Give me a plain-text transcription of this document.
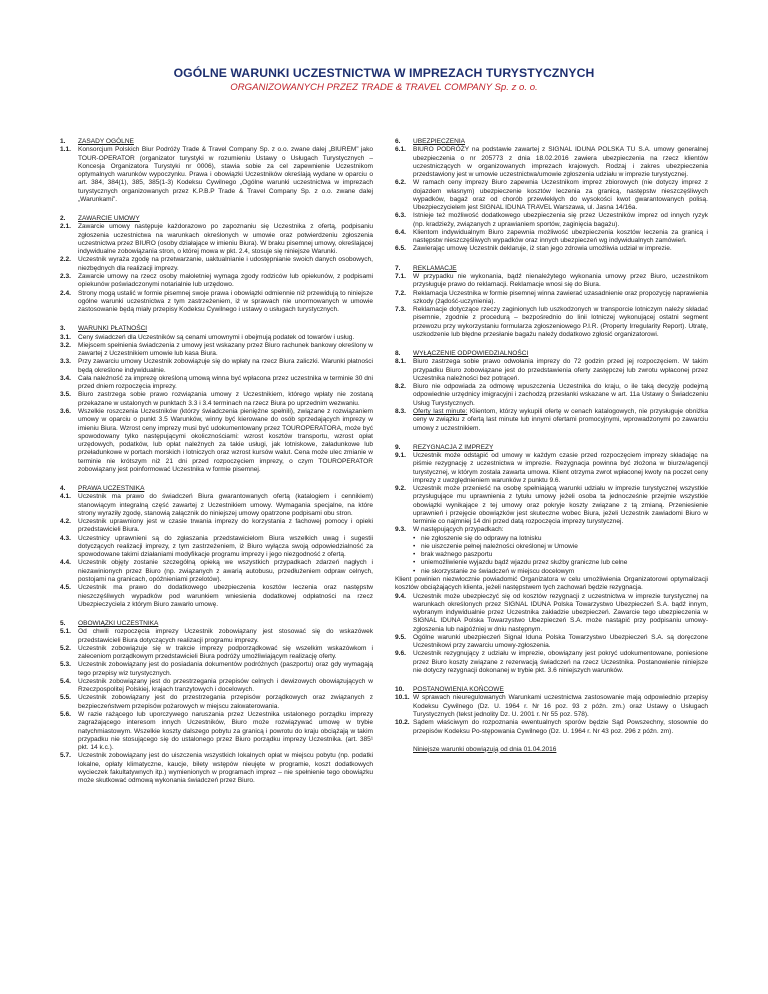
OGÓLNE WARUNKI UCZESTNICTWA W IMPREZACH TURYSTYCZNYCH
ORGANIZOWANYCH PRZEZ TRADE & TRAVEL COMPANY Sp. z o. o.
1.	ZASADY OGÓLNE
1.1.	Konsorcjum Polskich Biur Podróży Trade & Travel Company Sp. z o.o. zwane dalej „BIUREM” jako TOUR-OPERATOR (organizator turystyki w rozumieniu Ustawy o Usługach Turystycznych – Koncesja Organizatora Turystyki nr 0006), stawia sobie za cel zapewnienie Uczestnikom optymalnych warunków wypoczynku. Prawa i obowiązki Uczestników określają wydane w oparciu o art. 384, 384(1), 385, 385(1-3) Kodeksu Cywilnego „Ogólne warunki uczestnictwa w imprezach turystycznych organizowanych przez K.P.B.P Trade & Travel Company Sp. z o.o. zwane dalej „Warunkami”.
2.	ZAWARCIE UMOWY
2.1.	Zawarcie umowy następuje każdorazowo po zapoznaniu się Uczestnika z ofertą, podpisaniu zgłoszenia uczestnictwa na warunkach określonych w umowie oraz potwierdzeniu zgłoszenia uczestnictwa przez BIURO (osoby działające w imieniu Biura). W braku pisemnej umowy, określającej indywidualne zobowiązania stron, o której mowa w pkt. 2.4, stosuje się niniejsze Warunki.
2.2.	Uczestnik wyraża zgodę na przetwarzanie, uaktualnianie i udostępnianie swoich danych osobowych, niezbędnych dla realizacji imprezy.
2.3.	Zawarcie umowy na rzecz osoby małoletniej wymaga zgody rodziców lub opiekunów, z podpisami opiekunów poświadczonymi notarialnie lub urzędowo.
2.4.	Strony mogą ustalić w formie pisemnej swoje prawa i obowiązki odmiennie niż przewidują to niniejsze ogólne warunki uczestnictwa z tym zastrzeżeniem, iż w sprawach nie unormowanych w umowie zastosowanie będą miały przepisy Kodeksu Cywilnego i ustawy o usługach turystycznych.
3.	WARUNKI PŁATNOŚCI
3.1.	Ceny świadczeń dla Uczestników są cenami umownymi i obejmują podatek od towarów i usług.
3.2.	Miejscem spełnienia świadczenia z umowy jest wskazany przez Biuro rachunek bankowy określony w zawartej z Uczestnikiem umowie lub kasa Biura.
3.3.	Przy zawarciu umowy Uczestnik zobowiązuje się do wpłaty na rzecz Biura zaliczki. Warunki płatności będą określone indywidualnie.
3.4.	Cała należność za imprezę określoną umową winna być wpłacona przez uczestnika w terminie 30 dni przed dniem rozpoczęcia imprezy.
3.5.	Biuro zastrzega sobie prawo rozwiązania umowy z Uczestnikiem, którego wpłaty nie zostaną przekazane w ustalonych w punktach 3.3 i 3.4 terminach na rzecz Biura po uprzednim wezwaniu.
3.6.	Wszelkie roszczenia Uczestników (którzy świadczenia pieniężne spełnili), związane z rozwiązaniem umowy w oparciu o punkt 3.5 Warunków, winny być kierowane do osób sprzedających imprezy w imieniu Biura. Wzrost ceny imprezy musi być udokumentowany przez TOUROPERATORA, może być spowodowany tylko następującymi okolicznościami: wzrost kosztów transportu, wzrost opłat urzędowych, podatków, lub opłat należnych za takie usługi, jak lotniskowe, załadunkowe lub przeładunkowe w portach morskich i lotniczych oraz wzrost kursów walut. Cena może ulec zmianie w terminie nie krótszym niż 21 dni przed rozpoczęciem imprezy, o czym TOUROPERATOR zobowiązany jest poinformować Uczestnika w formie pisemnej.
4.	PRAWA UCZESTNIKA
4.1.	Uczestnik ma prawo do świadczeń Biura gwarantowanych ofertą (katalogiem i cennikiem) stanowiącym integralną część zawartej z Uczestnikiem umowy. Wymagania specjalne, na które strony wyraziły zgodę, stanowią załącznik do niniejszej umowy opatrzone podpisami obu stron.
4.2.	Uczestnik uprawniony jest w czasie trwania imprezy do korzystania z fachowej pomocy i opieki przedstawicieli Biura.
4.3.	Uczestnicy uprawnieni są do zgłaszania przedstawicielom Biura wszelkich uwag i sugestii dotyczących realizacji imprezy, z tym zastrzeżeniem, iż Biuro wyłącza swoją odpowiedzialność za spowodowane takimi działaniami modyfikacje programu imprezy i jego niezgodność z ofertą.
4.4.	Uczestnik objęty zostanie szczególną opieką we wszystkich przypadkach zdarzeń nagłych i niezawinionych przez Biuro (np. związanych z awarią autobusu, przedłużeniem odpraw celnych, postojami na granicach, opóźnieniami przelotów).
4.5.	Uczestnik ma prawo do dodatkowego ubezpieczenia kosztów leczenia oraz następstw nieszczęśliwych wypadków pod warunkiem wniesienia dodatkowej odpłatności na rzecz Ubezpieczyciela z którym Biuro zawarło umowę.
5.	OBOWIĄZKI UCZESTNIKA
5.1.	Od chwili rozpoczęcia imprezy Uczestnik zobowiązany jest stosować się do wskazówek przedstawicieli Biura dotyczących realizacji programu imprezy.
5.2.	Uczestnik zobowiązuje się w trakcie imprezy podporządkować się wszelkim wskazówkom i zaleceniom porządkowym przedstawicieli Biura podróży umożliwiającym realizację oferty.
5.3.	Uczestnik zobowiązany jest do posiadania dokumentów podróżnych (paszportu) oraz gdy wymagają tego przepisy wiz turystycznych.
5.4.	Uczestnik zobowiązany jest do przestrzegania przepisów celnych i dewizowych obowiązujących w Rzeczpospolitej Polskiej, krajach tranzytowych i docelowych.
5.5.	Uczestnik zobowiązany jest do przestrzegania przepisów porządkowych oraz związanych z bezpieczeństwem przepisów pożarowych w miejscu zakwaterowania.
5.6.	W razie rażącego lub uporczywego naruszania przez Uczestnika ustalonego porządku imprezy zagrażającego interesom innych Uczestników, Biuro może rozwiązywać umowę w trybie natychmiastowym. Wszelkie koszty dalszego pobytu za granicą i powrotu do kraju obciążają w takim przypadku nie stosującego się do ustalonego przez Biuro porządku imprezy Uczestnika. (art. 385¹ pkt. 14 k.c.).
5.7.	Uczestnik zobowiązany jest do uiszczenia wszystkich lokalnych opłat w miejscu pobytu (np. podatki lokalne, opłaty klimatyczne, kaucje, bilety wstępów nieujęte w programie, koszt dodatkowych wycieczek fakultatywnych itp.) wymienionych w programach imprez – nie spełnienie tego obowiązku może skutkować odmową wykonania świadczeń przez Biuro.
6.	UBEZPIECZENIA
6.1.	BIURO PODRÓŻY na podstawie zawartej z SIGNAL IDUNA POLSKA TU S.A. umowy generalnej ubezpieczenia o nr 205773 z dnia 18.02.2016 zawiera ubezpieczenia na rzecz klientów uczestniczących w organizowanych imprezach krajowych. Rodzaj i zakres ubezpieczenia przedstawiony jest w umowie uczestnictwa/umowie zgłoszenia udziału w imprezie turystycznej.
6.2.	W ramach ceny imprezy Biuro zapewnia Uczestnikom imprez zbiorowych (nie dotyczy imprez z dojazdem własnym) ubezpieczenie kosztów leczenia za granicą, następstw nieszczęśliwych wypadków, bagaż oraz od chorób przewlekłych do wysokości kwot gwarantowanych polisą. Ubezpieczycielem jest SIGNAL IDUNA TRAVEL Warszawa, ul. Jasna 14/16a.
6.3.	Istnieje też możliwość dodatkowego ubezpieczenia się przez Uczestników imprez od innych ryzyk (np. kradzieży, związanych z uprawianiem sportów, zaginięcia bagażu).
6.4.	Klientom indywidualnym Biuro zapewnia możliwość ubezpieczenia kosztów leczenia za granicą i następstw nieszczęśliwych wypadków oraz innych ubezpieczeń wg indywidualnych zamówień.
6.5.	Zawierając umowę Uczestnik deklaruje, iż stan jego zdrowia umożliwia udział w imprezie.
7.	REKLAMACJE
7.1.	W przypadku nie wykonania, bądź nienależytego wykonania umowy przez Biuro, uczestnikom przysługuje prawo do reklamacji. Reklamacje wnosi się do Biura.
7.2.	Reklamacja Uczestnika w formie pisemnej winna zawierać uzasadnienie oraz propozycję naprawienia szkody (żądość-uczynienia).
7.3.	Reklamacje dotyczące rzeczy zaginionych lub uszkodzonych w transporcie lotniczym należy składać pisemnie, zgodnie z procedurą – bezpośrednio do linii lotniczej wykonującej ostatni segment przewozu przy wykorzystaniu formularza zgłoszeniowego P.I.R. (Property Irregularity Report). Utratę, uszkodzenie lub błędne przesłanie bagażu należy dodatkowo zgłosić organizatorowi.
8.	WYŁĄCZENIE ODPOWIEDZIALNOŚCI
8.1.	Biuro zastrzega sobie prawo odwołania imprezy do 72 godzin przed jej rozpoczęciem. W takim przypadku Biuro zobowiązane jest do przedstawienia oferty zastępczej lub zwrotu wpłaconej przez Uczestnika należności bez potrąceń.
8.2.	Biuro nie odpowiada za odmowę wpuszczenia Uczestnika do kraju, o ile taką decyzję podejmą odpowiednie urzędnicy imigracyjni i zachodzą przesłanki wskazane w art. 11a Ustawy o Świadczeniu Usług Turystycznych.
8.3.	Oferty last minute: Klientom, którzy wykupili ofertę w cenach katalogowych, nie przysługuje obniżka ceny w związku z ofertą last minute lub innymi ofertami promocyjnymi, wprowadzonymi po zawarciu umowy z uczestnikiem.
9.	REZYGNACJA Z IMPREZY
9.1.	Uczestnik może odstąpić od umowy w każdym czasie przed rozpoczęciem imprezy składając na piśmie rezygnację z uczestnictwa w imprezie. Rezygnacja powinna być złożona w biurze/agencji turystycznej, w którym zostala zawarta umowa. Klient otrzyma zwrot wpłaconej kwoty na poczet ceny imprezy z uwzględnieniem warunków z punktu 9.6.
9.2.	Uczestnik może przenieść na osobę spełniającą warunki udziału w imprezie turystycznej wszystkie przysługujące mu uprawnienia z tytułu umowy jeżeli osoba ta jednocześnie przejmie wszystkie obowiązki wynikające z tej umowy oraz pokryje koszty związane z tą zmianą. Przeniesienie uprawnień i przejęcie obowiązków jest skuteczne wobec Biura, jeżeli Uczestnik zawiadomi Biuro w terminie co najmniej 14 dni przed datą rozpoczęcia imprezy turystycznej.
9.3.	W następujących przypadkach:
• nie zgłoszenie się do odprawy na lotnisku
• nie uiszczenie pełnej należności określonej w Umowie
• brak ważnego paszportu
• uniemożliwienie wyjazdu bądź wjazdu przez służby graniczne lub celne
• nie skorzystanie ze świadczeń w miejscu docelowym
Klient powinien niezwłocznie powiadomić Organizatora w celu umożliwienia Organizatorowi optymalizacji kosztów obciążających klienta, jeżeli następstwem tych zachowań będzie rezygnacja.
9.4.	Uczestnik może ubezpieczyć się od kosztów rezygnacji z uczestnictwa w imprezie turystycznej na warunkach określonych przez SIGNAL IDUNA Polska Towarzystwo Ubezpieczeń S.A. bądź innym, wybranym indywidualnie przez Uczestnika zakładzie ubezpieczeń. Zawarcie tego ubezpieczenia w SIGNAL IDUNA Polska Towarzystwo Ubezpieczeń S.A. może nastąpić przy podpisaniu umowy-zgłoszenia lub najpóźniej w dniu następnym.
9.5.	Ogólne warunki ubezpieczeń Signal Iduna Polska Towarzystwo Ubezpieczeń S.A. są doręczone Uczestnikowi przy zawarciu umowy-zgłoszenia.
9.6.	Uczestnik rezygnujący z udziału w imprezie, obowiązany jest pokryć udokumentowane, poniesione przez Biuro koszty związane z rezerwacją świadczeń na rzecz Uczestnika. Postanowienie niniejsze nie dotyczy rezygnacji dokonanej w trybie pkt. 3.6 niniejszych warunków.
10.	POSTANOWIENIA KOŃCOWE
10.1. W sprawach nieuregulowanych Warunkami uczestnictwa zastosowanie mają odpowiednio przepisy Kodeksu Cywilnego (Dz. U. 1964 r. Nr 16 poz. 93 z późn. zm.) oraz Ustawy o Usługach Turystycznych (tekst jednolity Dz. U. 2001 r. Nr 55 poz. 578).
10.2. Sądem właściwym do rozpoznania ewentualnych sporów będzie Sąd Powszechny, stosownie do przepisów Kodeksu Po-stępowania Cywilnego (Dz. U. 1964 r. Nr 43 poz. 296 z późn. zm).
Niniejsze warunki obowiązują od dnia 01.04.2016
